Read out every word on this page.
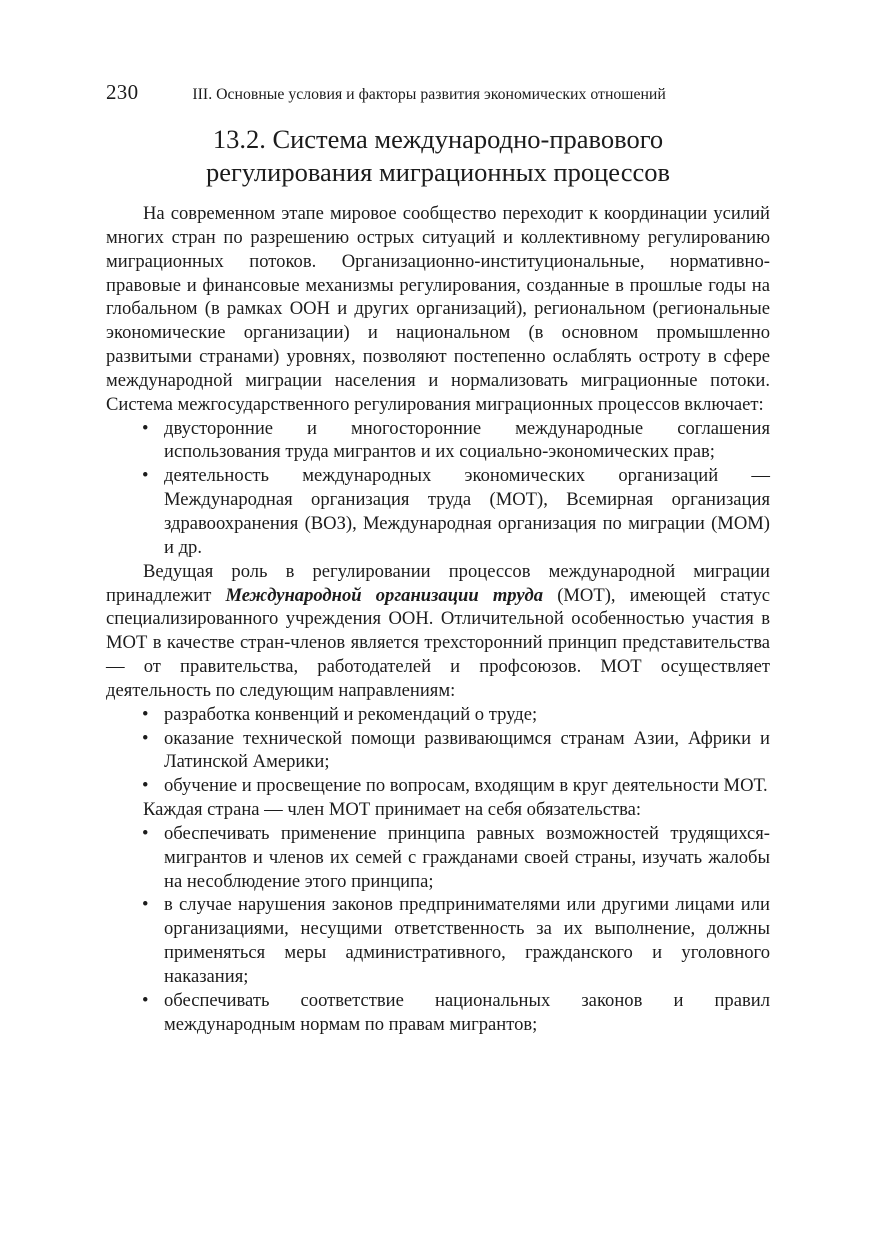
230	III. Основные условия и факторы развития экономических отношений
13.2. Система международно-правового
регулирования миграционных процессов

На современном этапе мировое сообщество переходит к координации усилий многих стран по разрешению острых ситуаций и коллективному регулированию миграционных потоков. Организационно-институциональные, нормативно-правовые и финансовые механизмы регулирования, созданные в прошлые годы на глобальном (в рамках ООН и других организаций), региональном (региональные экономические организации) и национальном (в основном промышленно развитыми странами) уровнях, позволяют постепенно ослаблять остроту в сфере международной миграции населения и нормализовать миграционные потоки. Система межгосударственного регулирования миграционных процессов включает:

• двусторонние и многосторонние международные соглашения использования труда мигрантов и их социально-экономических прав;
• деятельность международных экономических организаций — Международная организация труда (МОТ), Всемирная организация здравоохранения (ВОЗ), Международная организация по миграции (МОМ) и др.

Ведущая роль в регулировании процессов международной миграции принадлежит Международной организации труда (МОТ), имеющей статус специализированного учреждения ООН. Отличительной особенностью участия в МОТ в качестве стран-членов является трехсторонний принцип представительства — от правительства, работодателей и профсоюзов. МОТ осуществляет деятельность по следующим направлениям:

• разработка конвенций и рекомендаций о труде;
• оказание технической помощи развивающимся странам Азии, Африки и Латинской Америки;
• обучение и просвещение по вопросам, входящим в круг деятельности МОТ.

Каждая страна — член МОТ принимает на себя обязательства:

• обеспечивать применение принципа равных возможностей трудящихся-мигрантов и членов их семей с гражданами своей страны, изучать жалобы на несоблюдение этого принципа;
• в случае нарушения законов предпринимателями или другими лицами или организациями, несущими ответственность за их выполнение, должны применяться меры административного, гражданского и уголовного наказания;
• обеспечивать соответствие национальных законов и правил международным нормам по правам мигрантов;
